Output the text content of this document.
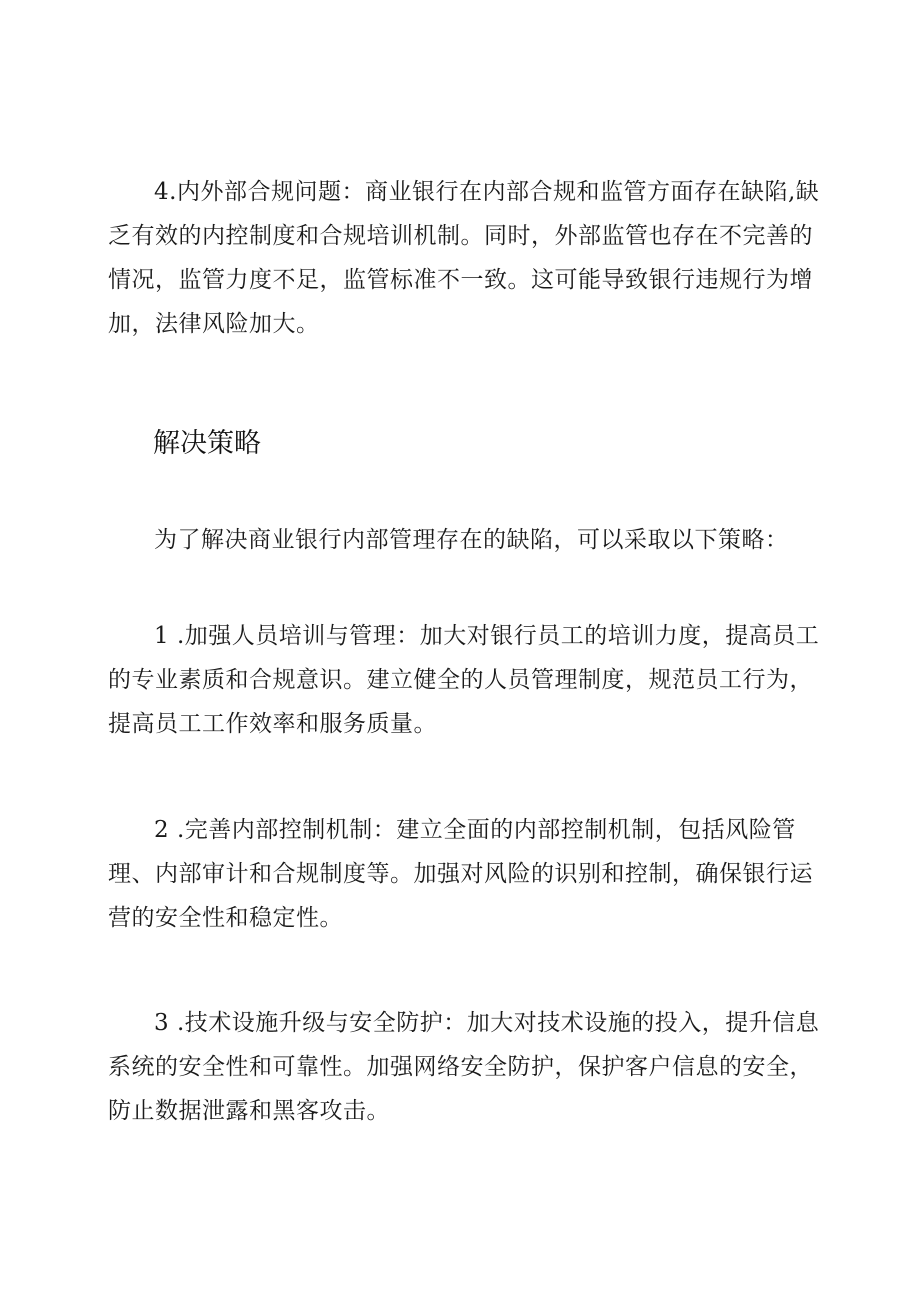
4.内外部合规问题：商业银行在内部合规和监管方面存在缺陷,缺乏有效的内控制度和合规培训机制。同时，外部监管也存在不完善的情况，监管力度不足，监管标准不一致。这可能导致银行违规行为增加，法律风险加大。

解决策略

为了解决商业银行内部管理存在的缺陷，可以采取以下策略：

1 .加强人员培训与管理：加大对银行员工的培训力度，提高员工的专业素质和合规意识。建立健全的人员管理制度，规范员工行为，提高员工工作效率和服务质量。

2 .完善内部控制机制：建立全面的内部控制机制，包括风险管理、内部审计和合规制度等。加强对风险的识别和控制，确保银行运营的安全性和稳定性。

3 .技术设施升级与安全防护：加大对技术设施的投入，提升信息系统的安全性和可靠性。加强网络安全防护，保护客户信息的安全，防止数据泄露和黑客攻击。
